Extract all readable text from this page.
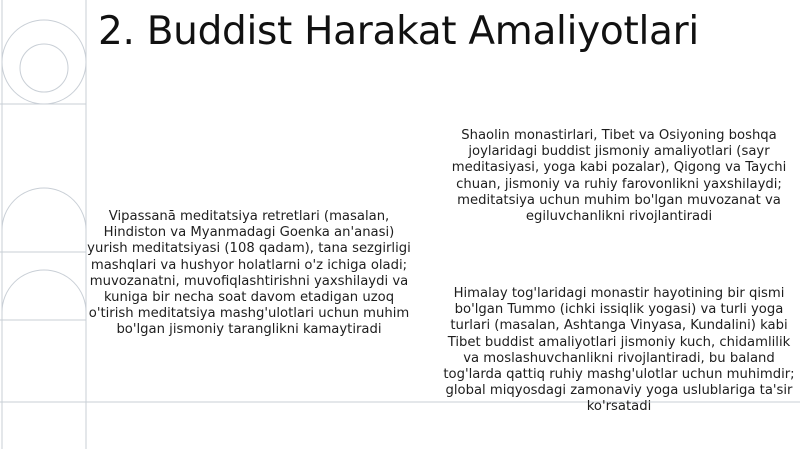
2. Buddist Harakat Amaliyotlari

Vipassanā meditatsiya retretlari (masalan, Hindiston va Myanmadagi Goenka an'anasi) yurish meditatsiyasi (108 qadam), tana sezgirligi mashqlari va hushyor holatlarni o'z ichiga oladi; muvozanatni, muvofiqlashtirishni yaxshilaydi va kuniga bir necha soat davom etadigan uzoq o'tirish meditatsiya mashg'ulotlari uchun muhim bo'lgan jismoniy taranglikni kamaytiradi

Shaolin monastirlari, Tibet va Osiyoning boshqa joylaridagi buddist jismoniy amaliyotlari (sayr meditasiyasi, yoga kabi pozalar), Qigong va Taychi chuan, jismoniy va ruhiy farovonlikni yaxshilaydi; meditatsiya uchun muhim bo'lgan muvozanat va egiluvchanlikni rivojlantiradi

Himalay tog'laridagi monastir hayotining bir qismi bo'lgan Tummo (ichki issiqlik yogasi) va turli yoga turlari (masalan, Ashtanga Vinyasa, Kundalini) kabi Tibet buddist amaliyotlari jismoniy kuch, chidamlilik va moslashuvchanlikni rivojlantiradi, bu baland tog'larda qattiq ruhiy mashg'ulotlar uchun muhimdir; global miqyosdagi zamonaviy yoga uslublariga ta'sir ko'rsatadi
